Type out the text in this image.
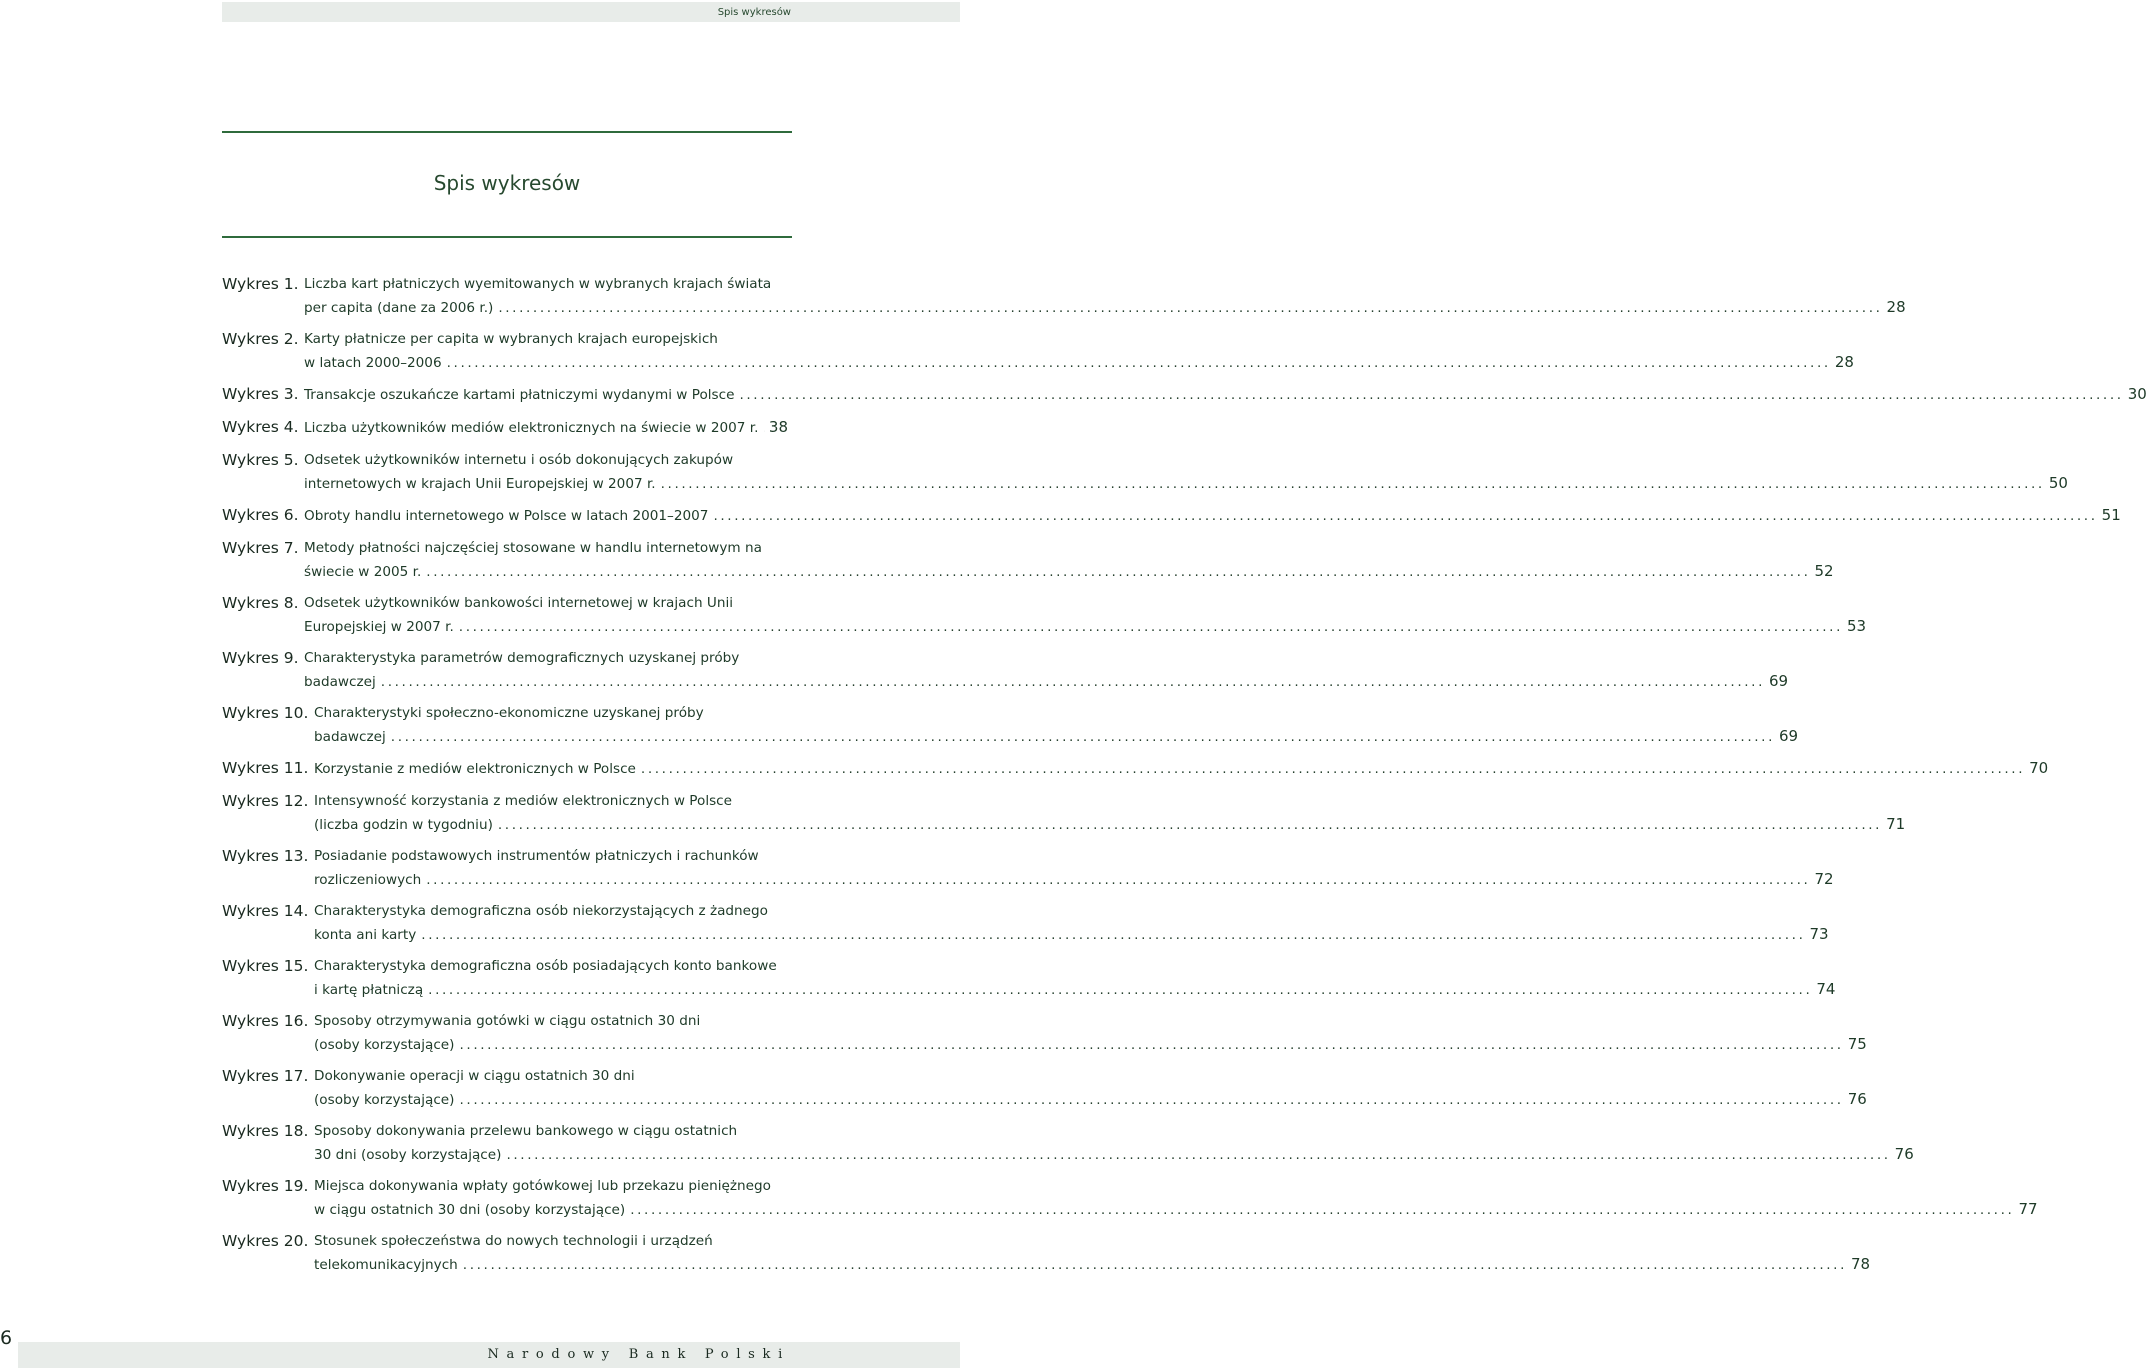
Spis wykresów
Spis wykresów
Wykres 1. Liczba kart płatniczych wyemitowanych w wybranych krajach świata
per capita (dane za 2006 r.) ........................................................................................................................................................................................................ 28
Wykres 2. Karty płatnicze per capita w wybranych krajach europejskich
w latach 2000–2006 ........................................................................................................................................................................................................ 28
Wykres 3. Transakcje oszukańcze kartami płatniczymi wydanymi w Polsce ........................................................................................................................................................................................................ 30
Wykres 4. Liczba użytkowników mediów elektronicznych na świecie w 2007 r. 38
Wykres 5. Odsetek użytkowników internetu i osób dokonujących zakupów
internetowych w krajach Unii Europejskiej w 2007 r. ........................................................................................................................................................................................................ 50
Wykres 6. Obroty handlu internetowego w Polsce w latach 2001–2007 ........................................................................................................................................................................................................ 51
Wykres 7. Metody płatności najczęściej stosowane w handlu internetowym na
świecie w 2005 r. ........................................................................................................................................................................................................ 52
Wykres 8. Odsetek użytkowników bankowości internetowej w krajach Unii
Europejskiej w 2007 r. ........................................................................................................................................................................................................ 53
Wykres 9. Charakterystyka parametrów demograficznych uzyskanej próby
badawczej ........................................................................................................................................................................................................ 69
Wykres 10. Charakterystyki społeczno-ekonomiczne uzyskanej próby
badawczej ........................................................................................................................................................................................................ 69
Wykres 11. Korzystanie z mediów elektronicznych w Polsce ........................................................................................................................................................................................................ 70
Wykres 12. Intensywność korzystania z mediów elektronicznych w Polsce
(liczba godzin w tygodniu) ........................................................................................................................................................................................................ 71
Wykres 13. Posiadanie podstawowych instrumentów płatniczych i rachunków
rozliczeniowych ........................................................................................................................................................................................................ 72
Wykres 14. Charakterystyka demograficzna osób niekorzystających z żadnego
konta ani karty ........................................................................................................................................................................................................ 73
Wykres 15. Charakterystyka demograficzna osób posiadających konto bankowe
i kartę płatniczą ........................................................................................................................................................................................................ 74
Wykres 16. Sposoby otrzymywania gotówki w ciągu ostatnich 30 dni
(osoby korzystające) ........................................................................................................................................................................................................ 75
Wykres 17. Dokonywanie operacji w ciągu ostatnich 30 dni
(osoby korzystające) ........................................................................................................................................................................................................ 76
Wykres 18. Sposoby dokonywania przelewu bankowego w ciągu ostatnich
30 dni (osoby korzystające) ........................................................................................................................................................................................................ 76
Wykres 19. Miejsca dokonywania wpłaty gotówkowej lub przekazu pieniężnego
w ciągu ostatnich 30 dni (osoby korzystające) ........................................................................................................................................................................................................ 77
Wykres 20. Stosunek społeczeństwa do nowych technologii i urządzeń
telekomunikacyjnych ........................................................................................................................................................................................................ 78
6
Narodowy Bank Polski
